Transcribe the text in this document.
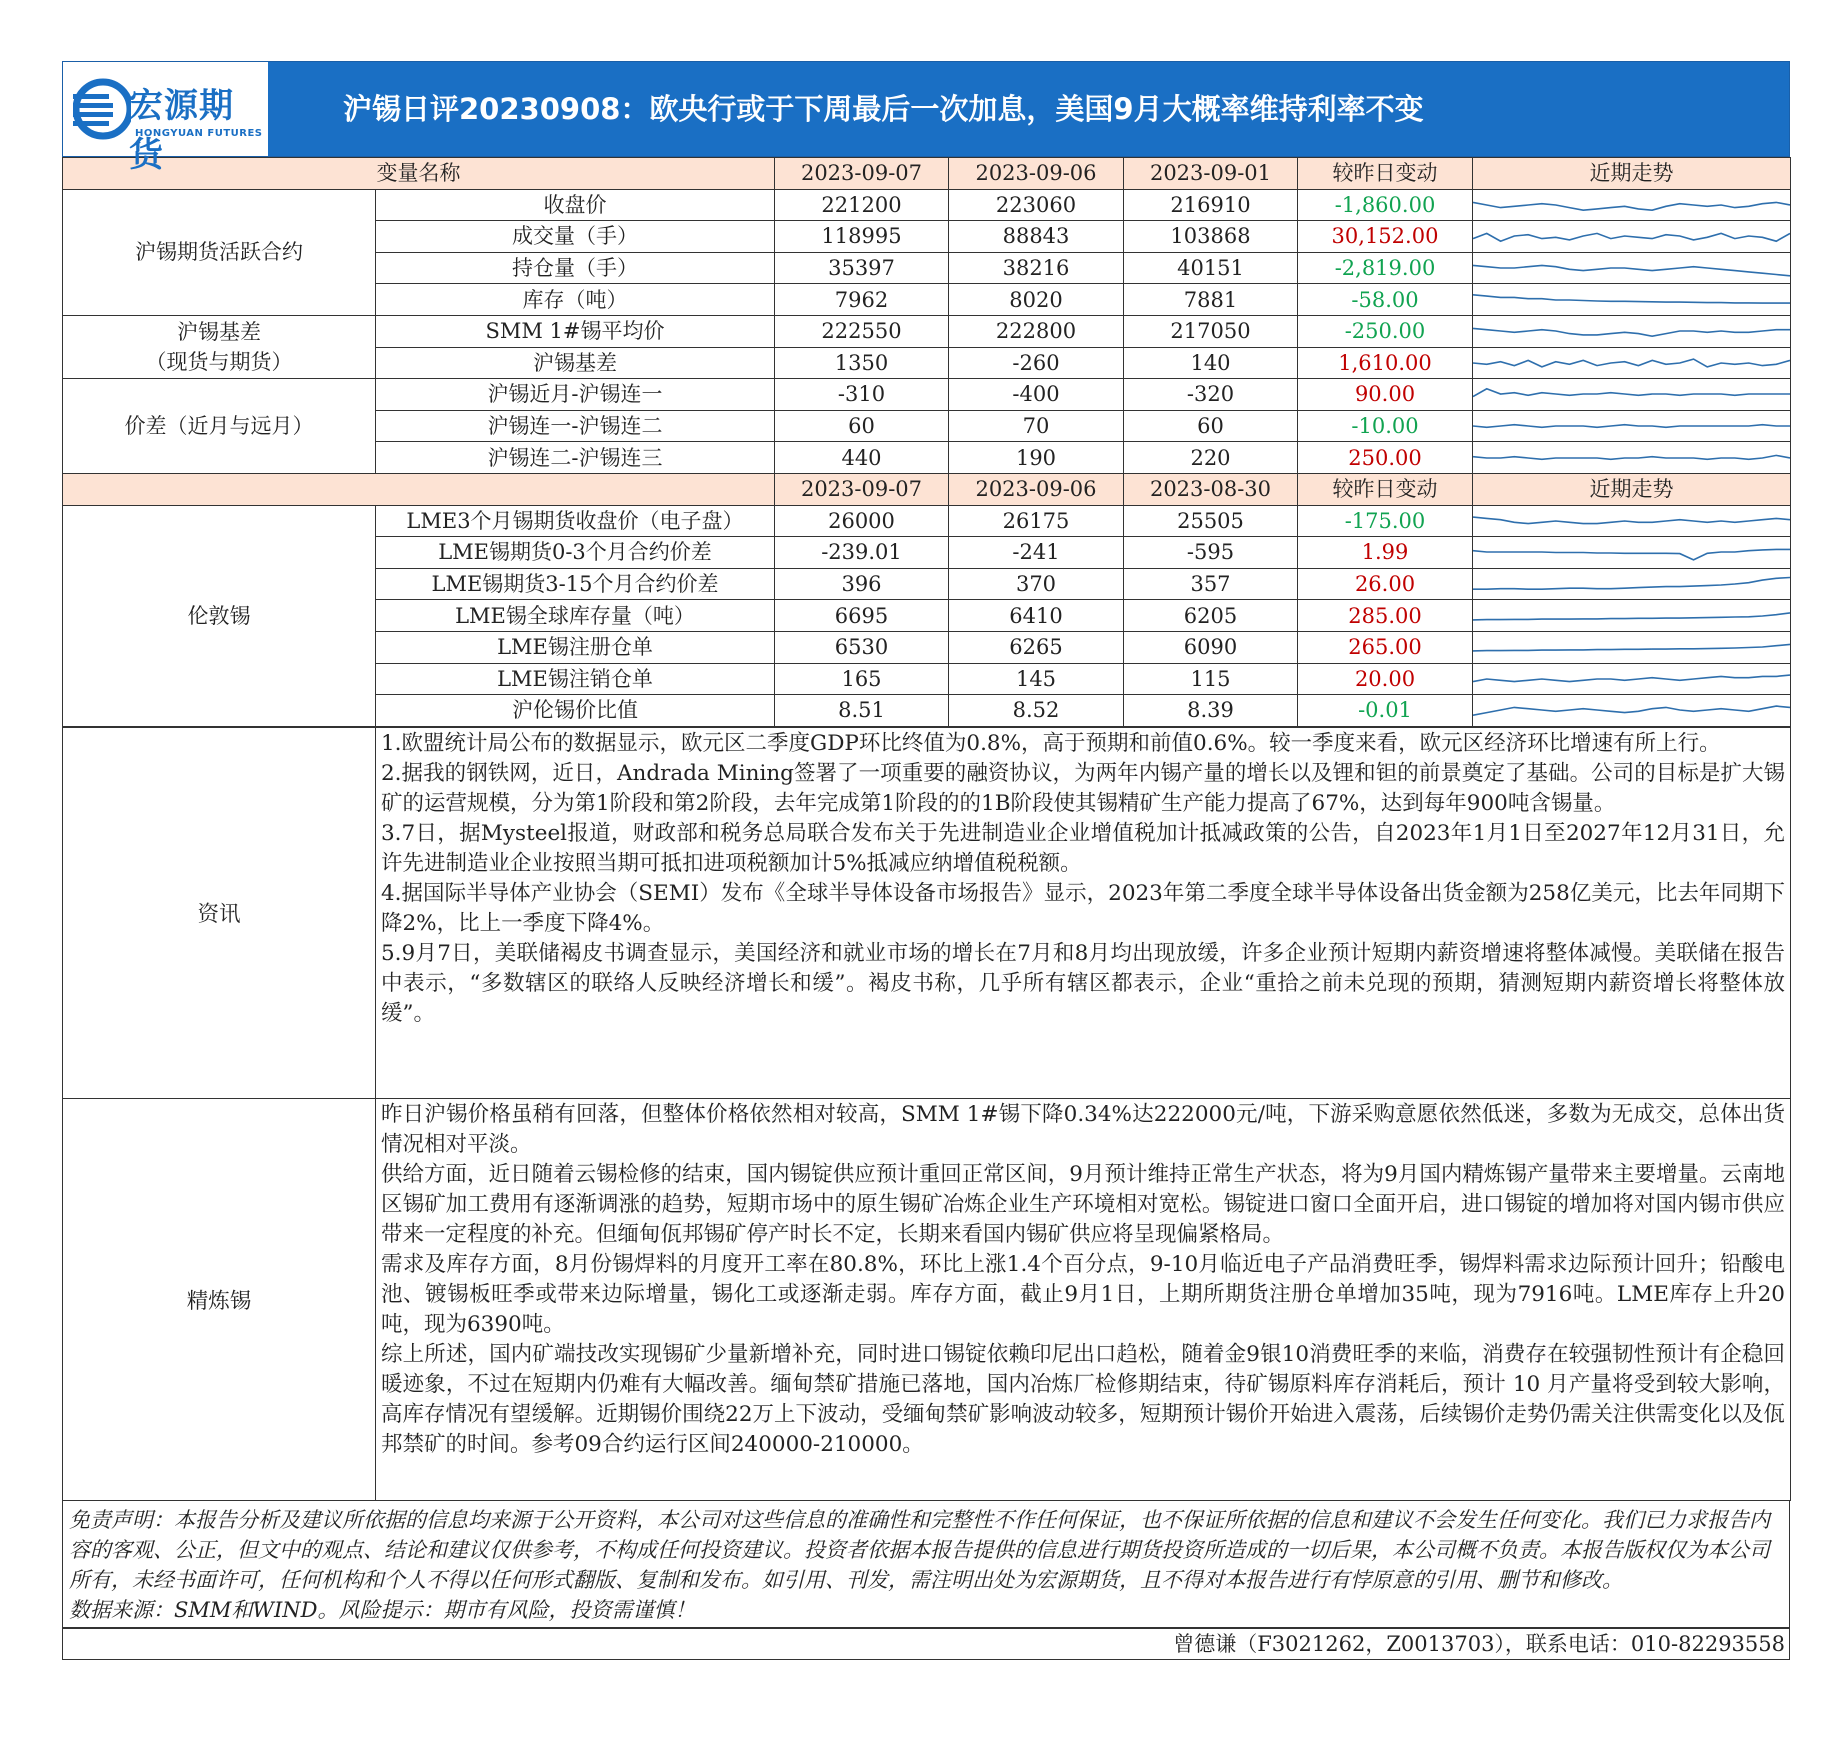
宏源期货
HONGYUAN FUTURES
沪锡日评20230908：欧央行或于下周最后一次加息，美国9月大概率维持利率不变
变量名称		2023-09-07	2023-09-06	2023-09-01	较昨日变动	近期走势
沪锡期货活跃合约	收盘价	221200	223060	216910	-1,860.00	

	成交量（手）	118995	88843	103868	30,152.00	

	持仓量（手）	35397	38216	40151	-2,819.00	

	库存（吨）	7962	8020	7881	-58.00	

沪锡基差
（现货与期货）	SMM 1#锡平均价	222550	222800	217050	-250.00	

	沪锡基差	1350	-260	140	1,610.00	

价差（近月与远月）	沪锡近月-沪锡连一	-310	-400	-320	90.00	

	沪锡连一-沪锡连二	60	70	60	-10.00	

	沪锡连二-沪锡连三	440	190	220	250.00	

		2023-09-07	2023-09-06	2023-08-30	较昨日变动	近期走势
伦敦锡	LME3个月锡期货收盘价（电子盘）	26000	26175	25505	-175.00	

	LME锡期货0-3个月合约价差	-239.01	-241	-595	1.99	

	LME锡期货3-15个月合约价差	396	370	357	26.00	

	LME锡全球库存量（吨）	6695	6410	6205	285.00	

	LME锡注册仓单	6530	6265	6090	265.00	

	LME锡注销仓单	165	145	115	20.00	

	沪伦锡价比值	8.51	8.52	8.39	-0.01	
资讯	1.欧盟统计局公布的数据显示，欧元区二季度GDP环比终值为0.8%，高于预期和前值0.6%。较一季度来看，欧元区经济环比增速有所上行。
2.据我的钢铁网，近日，Andrada Mining签署了一项重要的融资协议，为两年内锡产量的增长以及锂和钽的前景奠定了基础。公司的目标是扩大锡矿的运营规模，分为第1阶段和第2阶段，去年完成第1阶段的的1B阶段使其锡精矿生产能力提高了67%，达到每年900吨含锡量。
3.7日，据Mysteel报道，财政部和税务总局联合发布关于先进制造业企业增值税加计抵减政策的公告，自2023年1月1日至2027年12月31日，允许先进制造业企业按照当期可抵扣进项税额加计5%抵减应纳增值税税额。
4.据国际半导体产业协会（SEMI）发布《全球半导体设备市场报告》显示，2023年第二季度全球半导体设备出货金额为258亿美元，比去年同期下降2%，比上一季度下降4%。
5.9月7日，美联储褐皮书调查显示，美国经济和就业市场的增长在7月和8月均出现放缓，许多企业预计短期内薪资增速将整体减慢。美联储在报告中表示，“多数辖区的联络人反映经济增长和缓”。褐皮书称，几乎所有辖区都表示，企业“重拾之前未兑现的预期，猜测短期内薪资增长将整体放缓”。

精炼锡	昨日沪锡价格虽稍有回落，但整体价格依然相对较高，SMM 1#锡下降0.34%达222000元/吨，下游采购意愿依然低迷，多数为无成交，总体出货情况相对平淡。
供给方面，近日随着云锡检修的结束，国内锡锭供应预计重回正常区间，9月预计维持正常生产状态，将为9月国内精炼锡产量带来主要增量。云南地区锡矿加工费用有逐渐调涨的趋势，短期市场中的原生锡矿冶炼企业生产环境相对宽松。锡锭进口窗口全面开启，进口锡锭的增加将对国内锡市供应带来一定程度的补充。但缅甸佤邦锡矿停产时长不定，长期来看国内锡矿供应将呈现偏紧格局。
需求及库存方面，8月份锡焊料的月度开工率在80.8%，环比上涨1.4个百分点，9-10月临近电子产品消费旺季，锡焊料需求边际预计回升；铅酸电池、镀锡板旺季或带来边际增量，锡化工或逐渐走弱。库存方面，截止9月1日，上期所期货注册仓单增加35吨，现为7916吨。LME库存上升20吨，现为6390吨。
综上所述，国内矿端技改实现锡矿少量新增补充，同时进口锡锭依赖印尼出口趋松，随着金9银10消费旺季的来临，消费存在较强韧性预计有企稳回暖迹象，不过在短期内仍难有大幅改善。缅甸禁矿措施已落地，国内冶炼厂检修期结束，待矿锡原料库存消耗后，预计 10 月产量将受到较大影响，高库存情况有望缓解。近期锡价围绕22万上下波动，受缅甸禁矿影响波动较多，短期预计锡价开始进入震荡，后续锡价走势仍需关注供需变化以及佤邦禁矿的时间。参考09合约运行区间240000-210000。
免责声明：本报告分析及建议所依据的信息均来源于公开资料，本公司对这些信息的准确性和完整性不作任何保证，也不保证所依据的信息和建议不会发生任何变化。我们已力求报告内容的客观、公正，但文中的观点、结论和建议仅供参考，不构成任何投资建议。投资者依据本报告提供的信息进行期货投资所造成的一切后果，本公司概不负责。本报告版权仅为本公司所有，未经书面许可，任何机构和个人不得以任何形式翻版、复制和发布。如引用、刊发，需注明出处为宏源期货，且不得对本报告进行有悖原意的引用、删节和修改。
数据来源：SMM和WIND。风险提示：期市有风险，投资需谨慎！
曾德谦（F3021262，Z0013703），联系电话：010-82293558
